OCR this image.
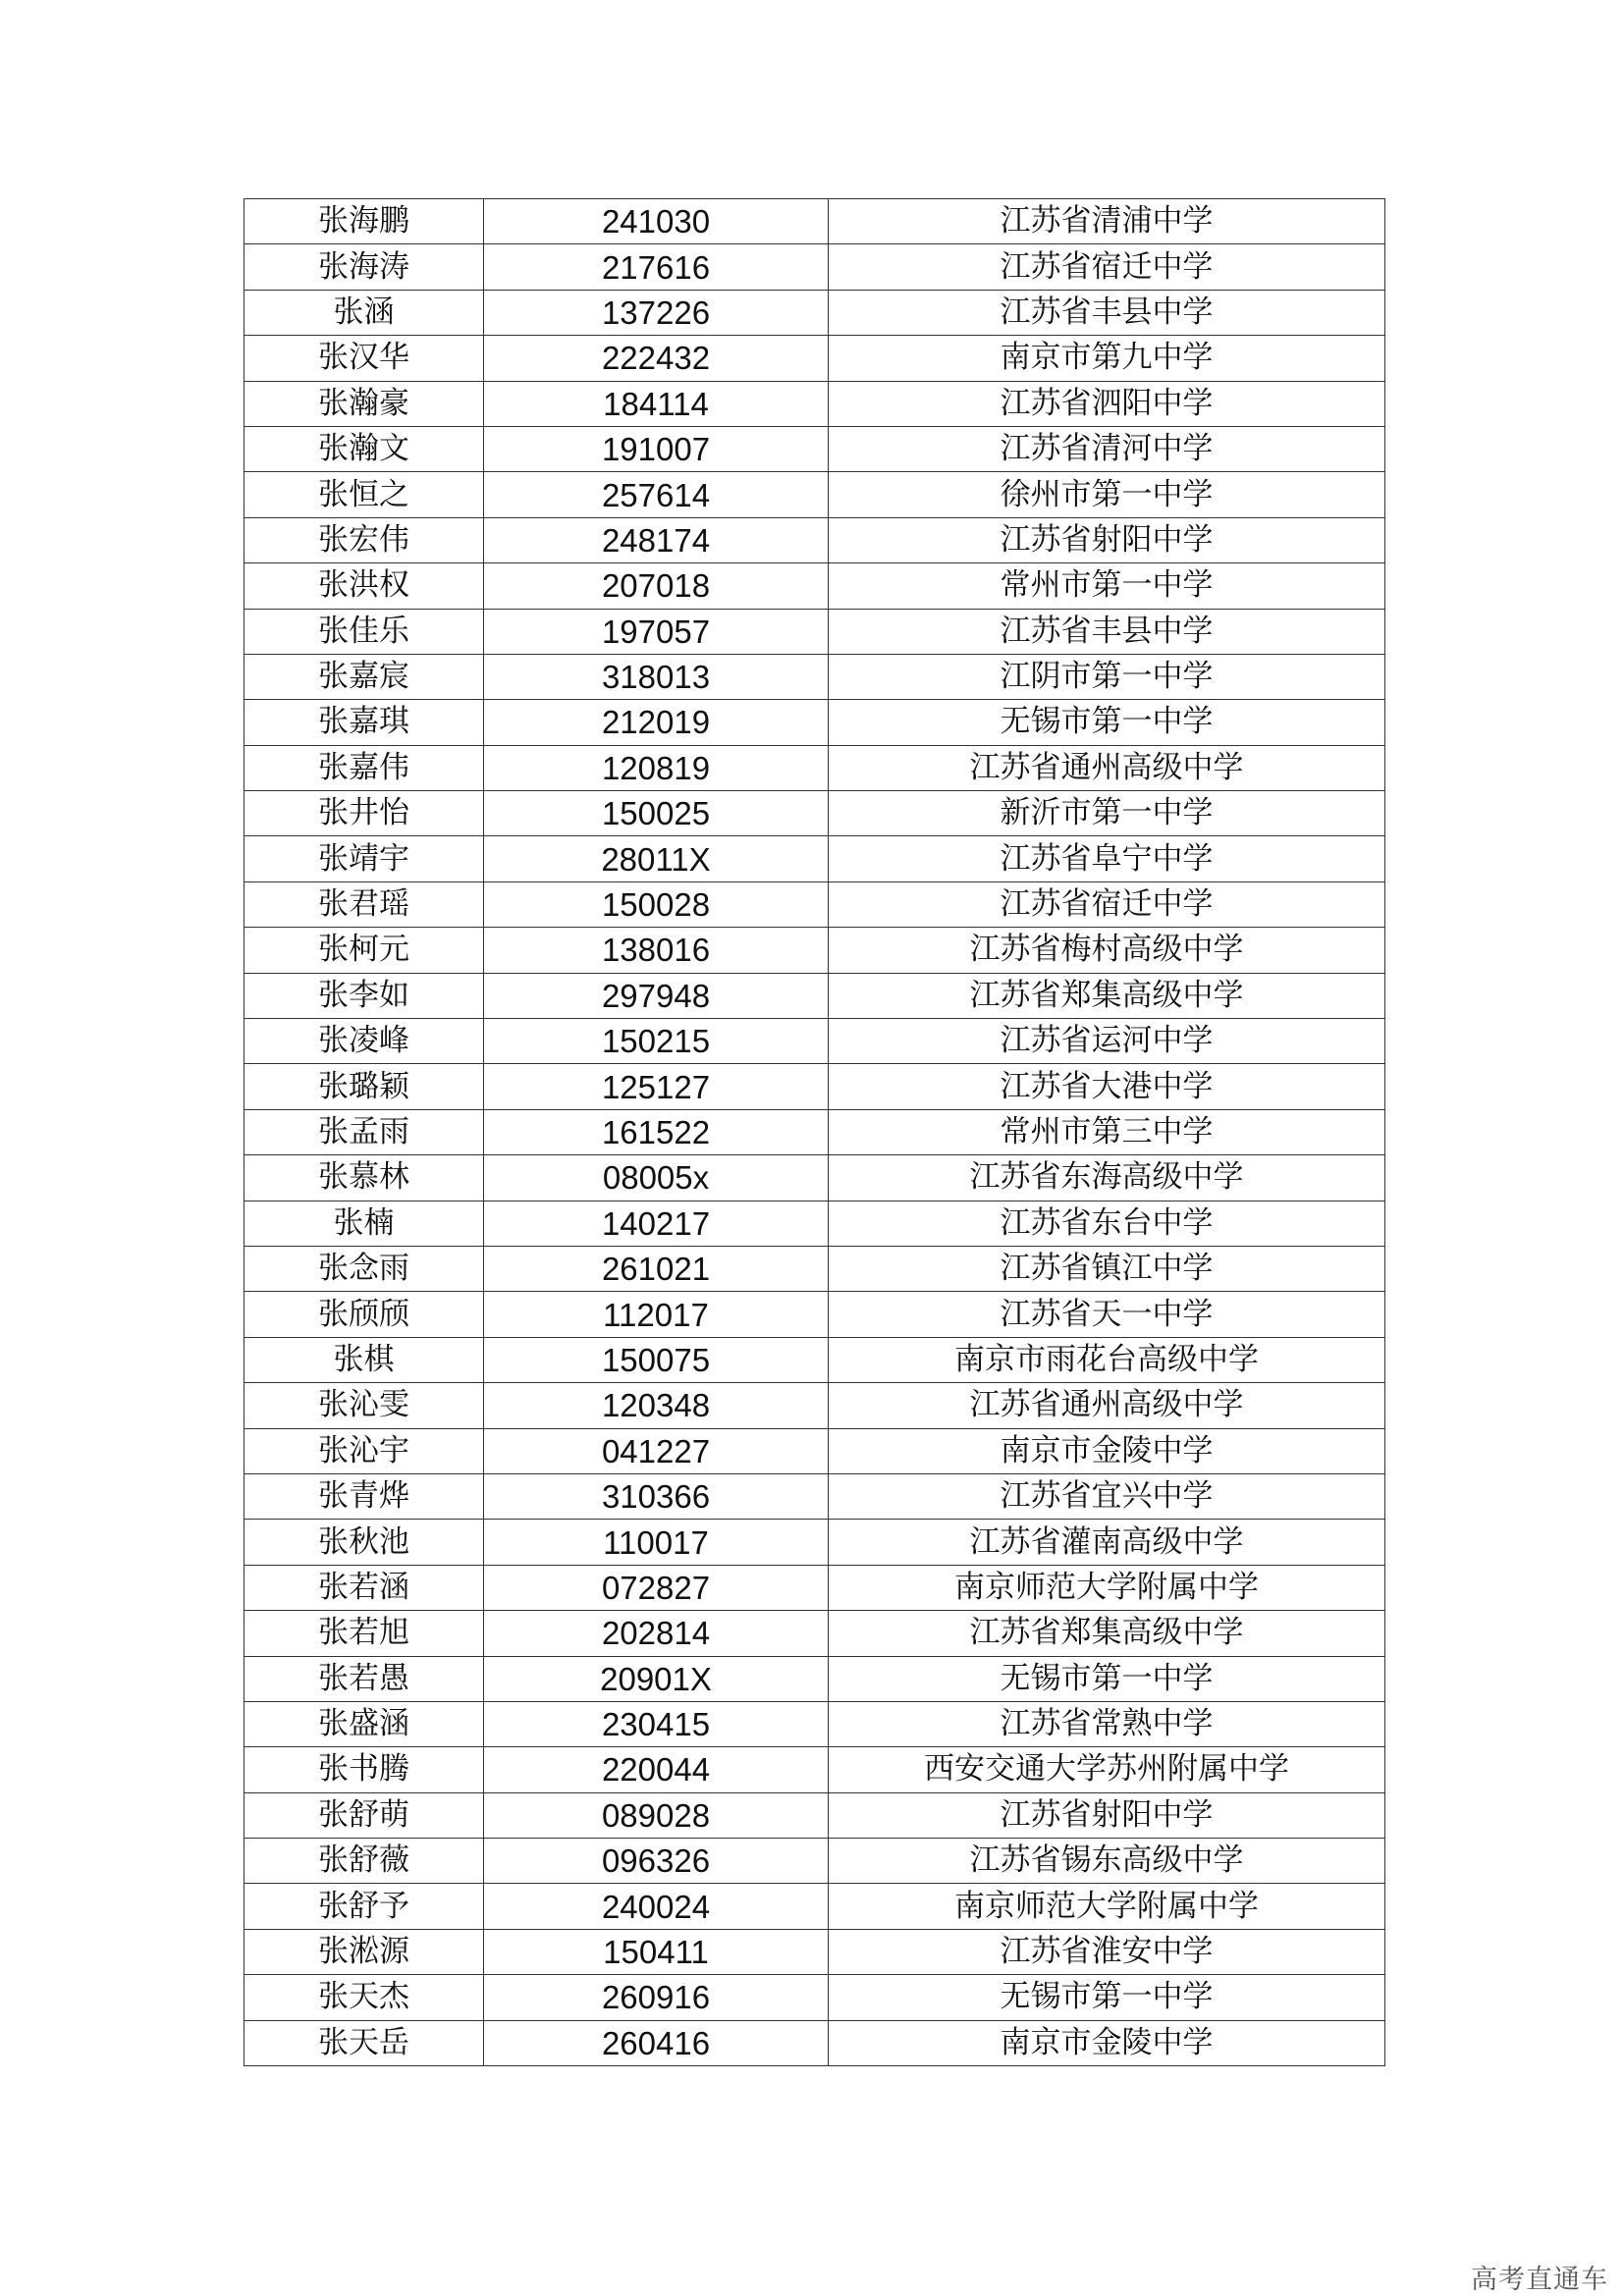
张海鹏	241030	江苏省清浦中学
张海涛	217616	江苏省宿迁中学
张涵	137226	江苏省丰县中学
张汉华	222432	南京市第九中学
张瀚豪	184114	江苏省泗阳中学
张瀚文	191007	江苏省清河中学
张恒之	257614	徐州市第一中学
张宏伟	248174	江苏省射阳中学
张洪权	207018	常州市第一中学
张佳乐	197057	江苏省丰县中学
张嘉宸	318013	江阴市第一中学
张嘉琪	212019	无锡市第一中学
张嘉伟	120819	江苏省通州高级中学
张井怡	150025	新沂市第一中学
张靖宇	28011X	江苏省阜宁中学
张君瑶	150028	江苏省宿迁中学
张柯元	138016	江苏省梅村高级中学
张李如	297948	江苏省郑集高级中学
张凌峰	150215	江苏省运河中学
张璐颖	125127	江苏省大港中学
张孟雨	161522	常州市第三中学
张慕林	08005x	江苏省东海高级中学
张楠	140217	江苏省东台中学
张念雨	261021	江苏省镇江中学
张颀颀	112017	江苏省天一中学
张棋	150075	南京市雨花台高级中学
张沁雯	120348	江苏省通州高级中学
张沁宇	041227	南京市金陵中学
张青烨	310366	江苏省宜兴中学
张秋池	110017	江苏省灌南高级中学
张若涵	072827	南京师范大学附属中学
张若旭	202814	江苏省郑集高级中学
张若愚	20901X	无锡市第一中学
张盛涵	230415	江苏省常熟中学
张书腾	220044	西安交通大学苏州附属中学
张舒萌	089028	江苏省射阳中学
张舒薇	096326	江苏省锡东高级中学
张舒予	240024	南京师范大学附属中学
张淞源	150411	江苏省淮安中学
张天杰	260916	无锡市第一中学
张天岳	260416	南京市金陵中学
高考直通车
